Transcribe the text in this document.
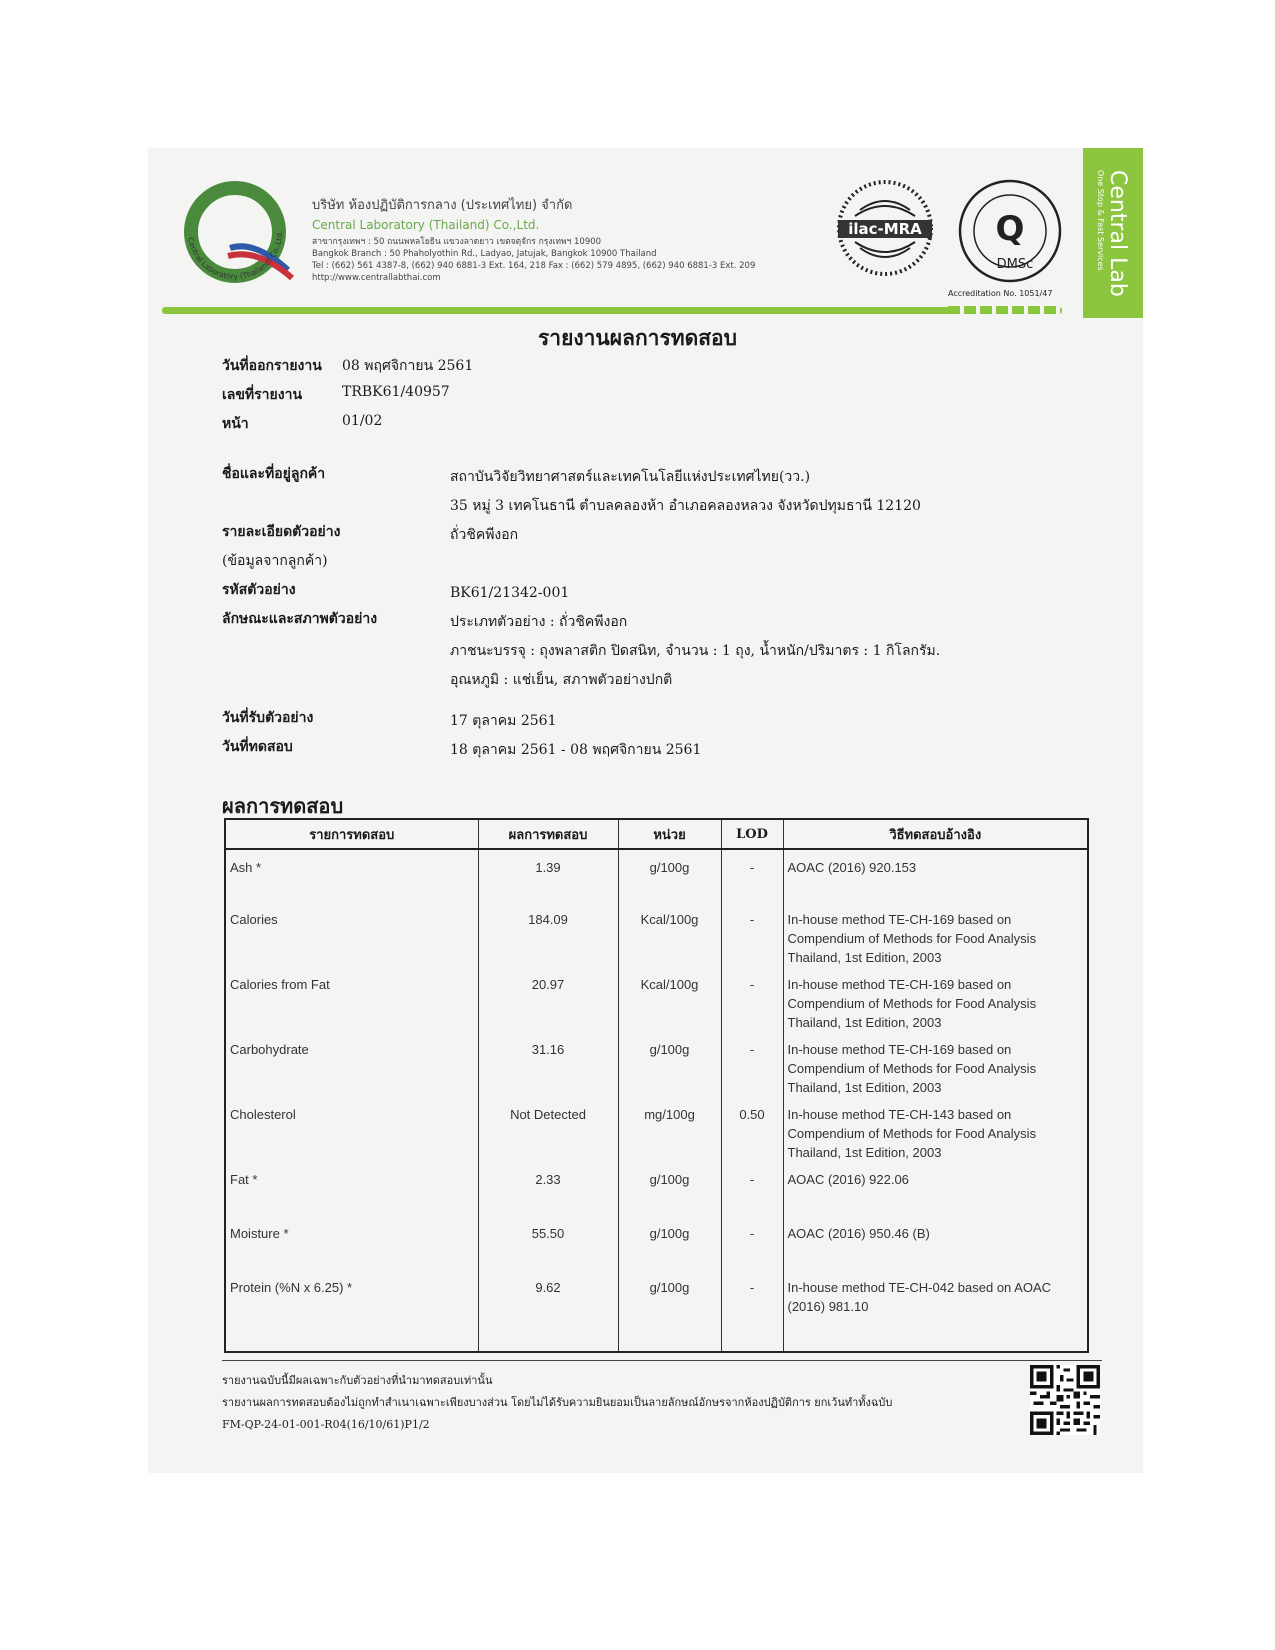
Central Laboratory (Thailand) Co.,Ltd.
บริษัท ห้องปฏิบัติการกลาง (ประเทศไทย) จำกัด
Central Laboratory (Thailand) Co.,Ltd.
สาขากรุงเทพฯ : 50 ถนนพหลโยธิน แขวงลาดยาว เขตจตุจักร กรุงเทพฯ 10900
Bangkok Branch : 50 Phaholyothin Rd., Ladyao, Jatujak, Bangkok 10900 Thailand
Tel : (662) 561 4387-8, (662) 940 6881-3 Ext. 164, 218 Fax : (662) 579 4895, (662) 940 6881-3 Ext. 209
http://www.centrallabthai.com
ilac-MRA Q
DMSc
Accreditation No. 1051/47 Central Lab
One Stop & Fast Services
รายงานผลการทดสอบ
วันที่ออกรายงาน	08 พฤศจิกายน 2561
เลขที่รายงาน	TRBK61/40957
หน้า	01/02
ชื่อและที่อยู่ลูกค้า	สถาบันวิจัยวิทยาศาสตร์และเทคโนโลยีแห่งประเทศไทย(วว.)
35 หมู่ 3 เทคโนธานี ตำบลคลองห้า อำเภอคลองหลวง จังหวัดปทุมธานี 12120
รายละเอียดตัวอย่าง	ถั่วชิคพีงอก
(ข้อมูลจากลูกค้า)
รหัสตัวอย่าง	BK61/21342-001
ลักษณะและสภาพตัวอย่าง	ประเภทตัวอย่าง : ถั่วชิคพีงอก
ภาชนะบรรจุ : ถุงพลาสติก ปิดสนิท, จำนวน : 1 ถุง, น้ำหนัก/ปริมาตร : 1 กิโลกรัม.
อุณหภูมิ : แช่เย็น, สภาพตัวอย่างปกติ
วันที่รับตัวอย่าง	17 ตุลาคม 2561
วันที่ทดสอบ	18 ตุลาคม 2561 - 08 พฤศจิกายน 2561
ผลการทดสอบ
รายการทดสอบ	ผลการทดสอบ	หน่วย	LOD	วิธีทดสอบอ้างอิง
Ash *	1.39	g/100g	-	AOAC (2016) 920.153
Calories	184.09	Kcal/100g	-	In-house method TE-CH-169 based on Compendium of Methods for Food Analysis Thailand, 1st Edition, 2003
Calories from Fat	20.97	Kcal/100g	-	In-house method TE-CH-169 based on Compendium of Methods for Food Analysis Thailand, 1st Edition, 2003
Carbohydrate	31.16	g/100g	-	In-house method TE-CH-169 based on Compendium of Methods for Food Analysis Thailand, 1st Edition, 2003
Cholesterol	Not Detected	mg/100g	0.50	In-house method TE-CH-143 based on Compendium of Methods for Food Analysis Thailand, 1st Edition, 2003
Fat *	2.33	g/100g	-	AOAC (2016) 922.06
Moisture *	55.50	g/100g	-	AOAC (2016) 950.46 (B)
Protein (%N x 6.25) *	9.62	g/100g	-	In-house method TE-CH-042 based on AOAC (2016) 981.10
รายงานฉบับนี้มีผลเฉพาะกับตัวอย่างที่นำมาทดสอบเท่านั้น
รายงานผลการทดสอบต้องไม่ถูกทำสำเนาเฉพาะเพียงบางส่วน โดยไม่ได้รับความยินยอมเป็นลายลักษณ์อักษรจากห้องปฏิบัติการ ยกเว้นทำทั้งฉบับ
FM-QP-24-01-001-R04(16/10/61)P1/2
